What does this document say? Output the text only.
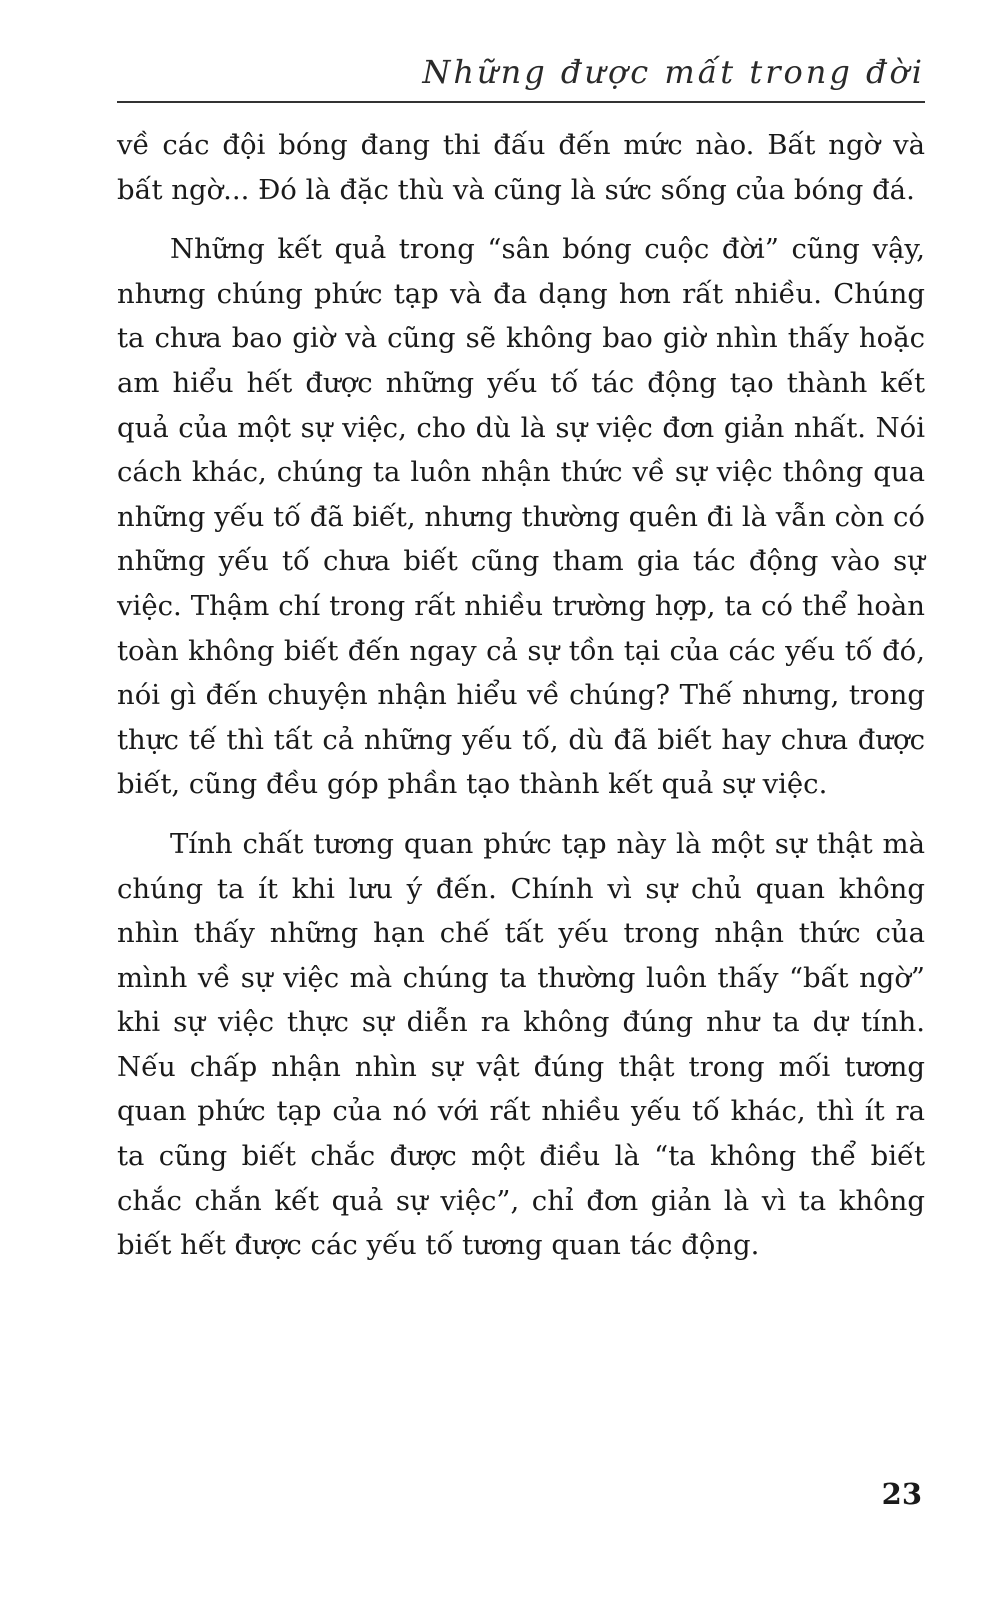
Những được mất trong đời

về các đội bóng đang thi đấu đến mức nào. Bất ngờ và bất ngờ... Đó là đặc thù và cũng là sức sống của bóng đá.

Những kết quả trong “sân bóng cuộc đời” cũng vậy, nhưng chúng phức tạp và đa dạng hơn rất nhiều. Chúng ta chưa bao giờ và cũng sẽ không bao giờ nhìn thấy hoặc am hiểu hết được những yếu tố tác động tạo thành kết quả của một sự việc, cho dù là sự việc đơn giản nhất. Nói cách khác, chúng ta luôn nhận thức về sự việc thông qua những yếu tố đã biết, nhưng thường quên đi là vẫn còn có những yếu tố chưa biết cũng tham gia tác động vào sự việc. Thậm chí trong rất nhiều trường hợp, ta có thể hoàn toàn không biết đến ngay cả sự tồn tại của các yếu tố đó, nói gì đến chuyện nhận hiểu về chúng? Thế nhưng, trong thực tế thì tất cả những yếu tố, dù đã biết hay chưa được biết, cũng đều góp phần tạo thành kết quả sự việc.

Tính chất tương quan phức tạp này là một sự thật mà chúng ta ít khi lưu ý đến. Chính vì sự chủ quan không nhìn thấy những hạn chế tất yếu trong nhận thức của mình về sự việc mà chúng ta thường luôn thấy “bất ngờ” khi sự việc thực sự diễn ra không đúng như ta dự tính. Nếu chấp nhận nhìn sự vật đúng thật trong mối tương quan phức tạp của nó với rất nhiều yếu tố khác, thì ít ra ta cũng biết chắc được một điều là “ta không thể biết chắc chắn kết quả sự việc”, chỉ đơn giản là vì ta không biết hết được các yếu tố tương quan tác động.

23
